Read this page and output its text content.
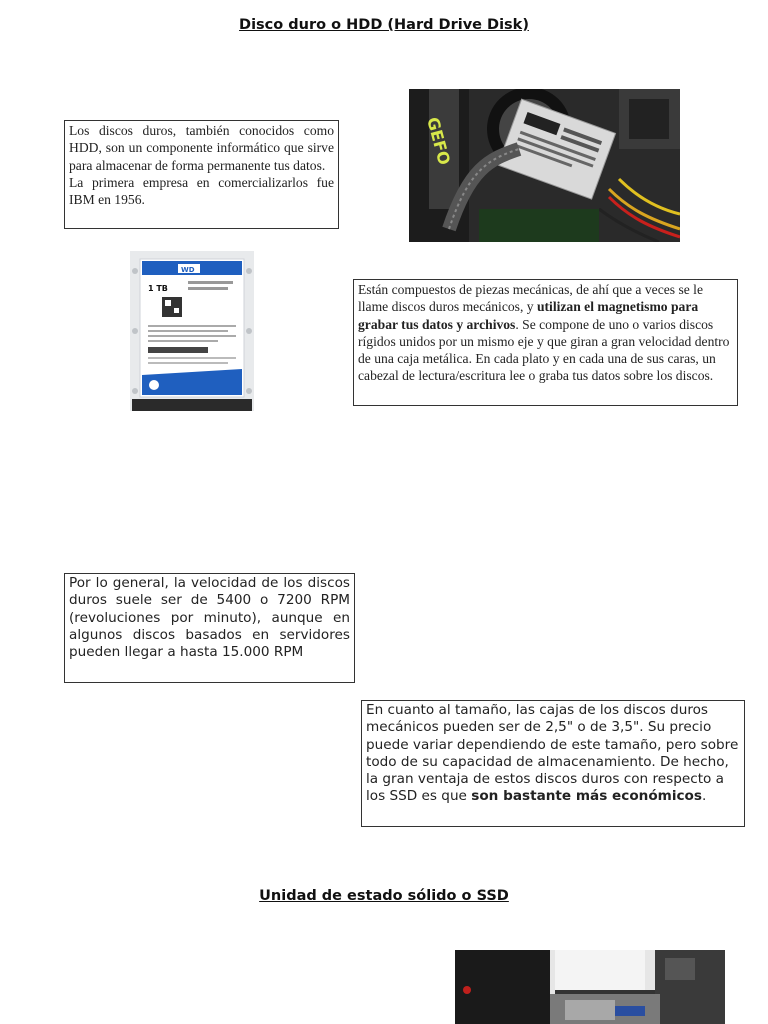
Disco duro o HDD (Hard Drive Disk)

Los discos duros, también conocidos como HDD, son un componente informático que sirve para almacenar de forma permanente tus datos.

La primera empresa en comercializarlos fue IBM en 1956.

GEFO
WD
1 TB	Están compuestos de piezas mecánicas, de ahí que a veces se le llame discos duros mecánicos, y utilizan el magnetismo para grabar tus datos y archivos. Se compone de uno o varios discos rígidos unidos por un mismo eje y que giran a gran velocidad dentro de una caja metálica. En cada plato y en cada una de sus caras, un cabezal de lectura/escritura lee o graba tus datos sobre los discos.

Por lo general, la velocidad de los discos duros suele ser de 5400 o 7200 RPM (revoluciones por minuto), aunque en algunos discos basados en servidores pueden llegar a hasta 15.000 RPM

En cuanto al tamaño, las cajas de los discos duros mecánicos pueden ser de 2,5" o de 3,5". Su precio puede variar dependiendo de este tamaño, pero sobre todo de su capacidad de almacenamiento. De hecho, la gran ventaja de estos discos duros con respecto a los SSD es que son bastante más económicos.

Unidad de estado sólido o SSD
